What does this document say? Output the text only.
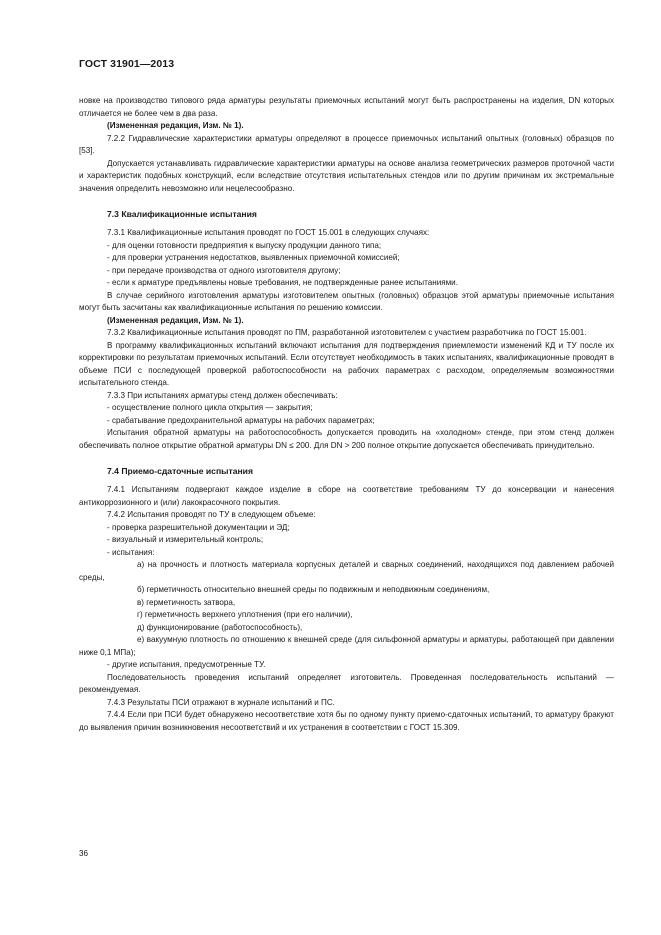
ГОСТ 31901—2013

новке на производство типового ряда арматуры результаты приемочных испытаний могут быть распространены на изделия, DN которых отличается не более чем в два раза.

(Измененная редакция, Изм. № 1).

7.2.2 Гидравлические характеристики арматуры определяют в процессе приемочных испытаний опытных (головных) образцов по [53].

Допускается устанавливать гидравлические характеристики арматуры на основе анализа геометрических размеров проточной части и характеристик подобных конструкций, если вследствие отсутствия испытательных стендов или по другим причинам их экстремальные значения определить невозможно или нецелесообразно.

7.3 Квалификационные испытания

7.3.1 Квалификационные испытания проводят по ГОСТ 15.001 в следующих случаях:

- для оценки готовности предприятия к выпуску продукции данного типа;

- для проверки устранения недостатков, выявленных приемочной комиссией;

- при передаче производства от одного изготовителя другому;

- если к арматуре предъявлены новые требования, не подтвержденные ранее испытаниями.

В случае серийного изготовления арматуры изготовителем опытных (головных) образцов этой арматуры приемочные испытания могут быть засчитаны как квалификационные испытания по решению комиссии.

(Измененная редакция, Изм. № 1).

7.3.2 Квалификационные испытания проводят по ПМ, разработанной изготовителем с участием разработчика по ГОСТ 15.001.

В программу квалификационных испытаний включают испытания для подтверждения приемлемости изменений КД и ТУ после их корректировки по результатам приемочных испытаний. Если отсутствует необходимость в таких испытаниях, квалификационные проводят в объеме ПСИ с последующей проверкой работоспособности на рабочих параметрах с расходом, определяемым возможностями испытательного стенда.

7.3.3 При испытаниях арматуры стенд должен обеспечивать:

- осуществление полного цикла открытия — закрытия;

- срабатывание предохранительной арматуры на рабочих параметрах;

Испытания обратной арматуры на работоспособность допускается проводить на «холодном» стенде, при этом стенд должен обеспечивать полное открытие обратной арматуры DN ≤ 200. Для DN > 200 полное открытие допускается обеспечивать принудительно.

7.4 Приемо-сдаточные испытания

7.4.1 Испытаниям подвергают каждое изделие в сборе на соответствие требованиям ТУ до консервации и нанесения антикоррозионного и (или) лакокрасочного покрытия.

7.4.2 Испытания проводят по ТУ в следующем объеме:

- проверка разрешительной документации и ЭД;

- визуальный и измерительный контроль;

- испытания:

а) на прочность и плотность материала корпусных деталей и сварных соединений, находящихся под давлением рабочей среды,

б) герметичность относительно внешней среды по подвижным и неподвижным соединениям,

в) герметичность затвора,

г) герметичность верхнего уплотнения (при его наличии),

д) функционирование (работоспособность),

е) вакуумную плотность по отношению к внешней среде (для сильфонной арматуры и арматуры, работающей при давлении ниже 0,1 МПа);

- другие испытания, предусмотренные ТУ.

Последовательность проведения испытаний определяет изготовитель. Проведенная последовательность испытаний — рекомендуемая.

7.4.3 Результаты ПСИ отражают в журнале испытаний и ПС.

7.4.4 Если при ПСИ будет обнаружено несоответствие хотя бы по одному пункту приемо-сдаточных испытаний, то арматуру бракуют до выявления причин возникновения несоответствий и их устранения в соответствии с ГОСТ 15.309.

36
